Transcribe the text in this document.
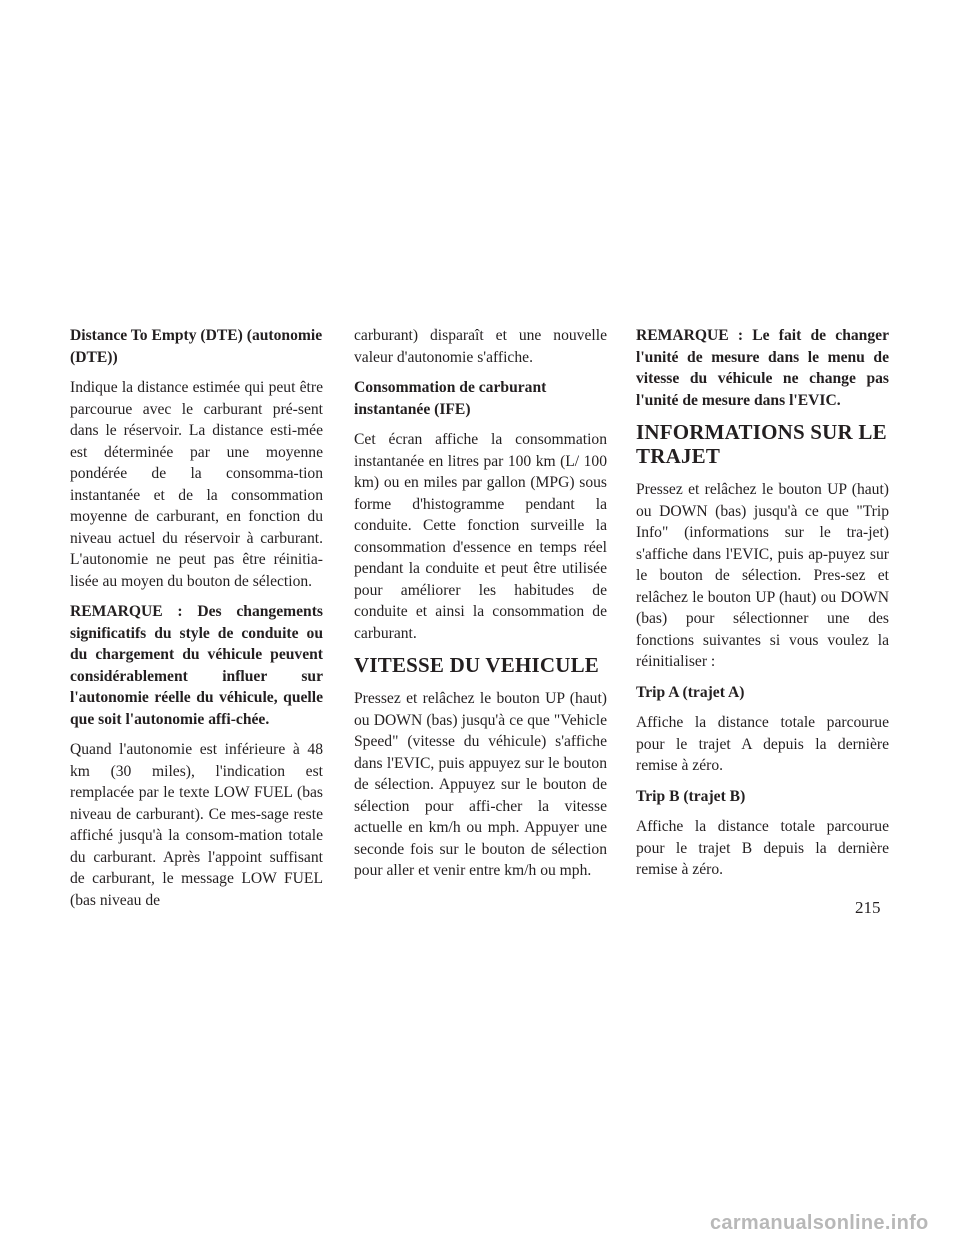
Distance To Empty (DTE) (autonomie (DTE))

Indique la distance estimée qui peut être parcourue avec le carburant pré-sent dans le réservoir. La distance esti-mée est déterminée par une moyenne pondérée de la consomma-tion instantanée et de la consommation moyenne de carburant, en fonction du niveau actuel du réservoir à carburant. L'autonomie ne peut pas être réinitia-lisée au moyen du bouton de sélection.

REMARQUE : Des changements significatifs du style de conduite ou du chargement du véhicule peuvent considérablement influer sur l'autonomie réelle du véhicule, quelle que soit l'autonomie affi-chée.

Quand l'autonomie est inférieure à 48 km (30 miles), l'indication est remplacée par le texte LOW FUEL (bas niveau de carburant). Ce mes-sage reste affiché jusqu'à la consom-mation totale du carburant. Après l'appoint suffisant de carburant, le message LOW FUEL (bas niveau de

carburant) disparaît et une nouvelle valeur d'autonomie s'affiche.

Consommation de carburant instantanée (IFE)

Cet écran affiche la consommation instantanée en litres par 100 km (L/ 100 km) ou en miles par gallon (MPG) sous forme d'histogramme pendant la conduite. Cette fonction surveille la consommation d'essence en temps réel pendant la conduite et peut être utilisée pour améliorer les habitudes de conduite et ainsi la consommation de carburant.

VITESSE DU VEHICULE

Pressez et relâchez le bouton UP (haut) ou DOWN (bas) jusqu'à ce que "Vehicle Speed" (vitesse du véhicule) s'affiche dans l'EVIC, puis appuyez sur le bouton de sélection. Appuyez sur le bouton de sélection pour affi-cher la vitesse actuelle en km/h ou mph. Appuyer une seconde fois sur le bouton de sélection pour aller et venir entre km/h ou mph.

REMARQUE : Le fait de changer l'unité de mesure dans le menu de vitesse du véhicule ne change pas l'unité de mesure dans l'EVIC.

INFORMATIONS SUR LE TRAJET

Pressez et relâchez le bouton UP (haut) ou DOWN (bas) jusqu'à ce que "Trip Info" (informations sur le tra-jet) s'affiche dans l'EVIC, puis ap-puyez sur le bouton de sélection. Pres-sez et relâchez le bouton UP (haut) ou DOWN (bas) pour sélectionner une des fonctions suivantes si vous voulez la réinitialiser :

Trip A (trajet A)

Affiche la distance totale parcourue pour le trajet A depuis la dernière remise à zéro.

Trip B (trajet B)

Affiche la distance totale parcourue pour le trajet B depuis la dernière remise à zéro.

215
carmanualsonline.info
